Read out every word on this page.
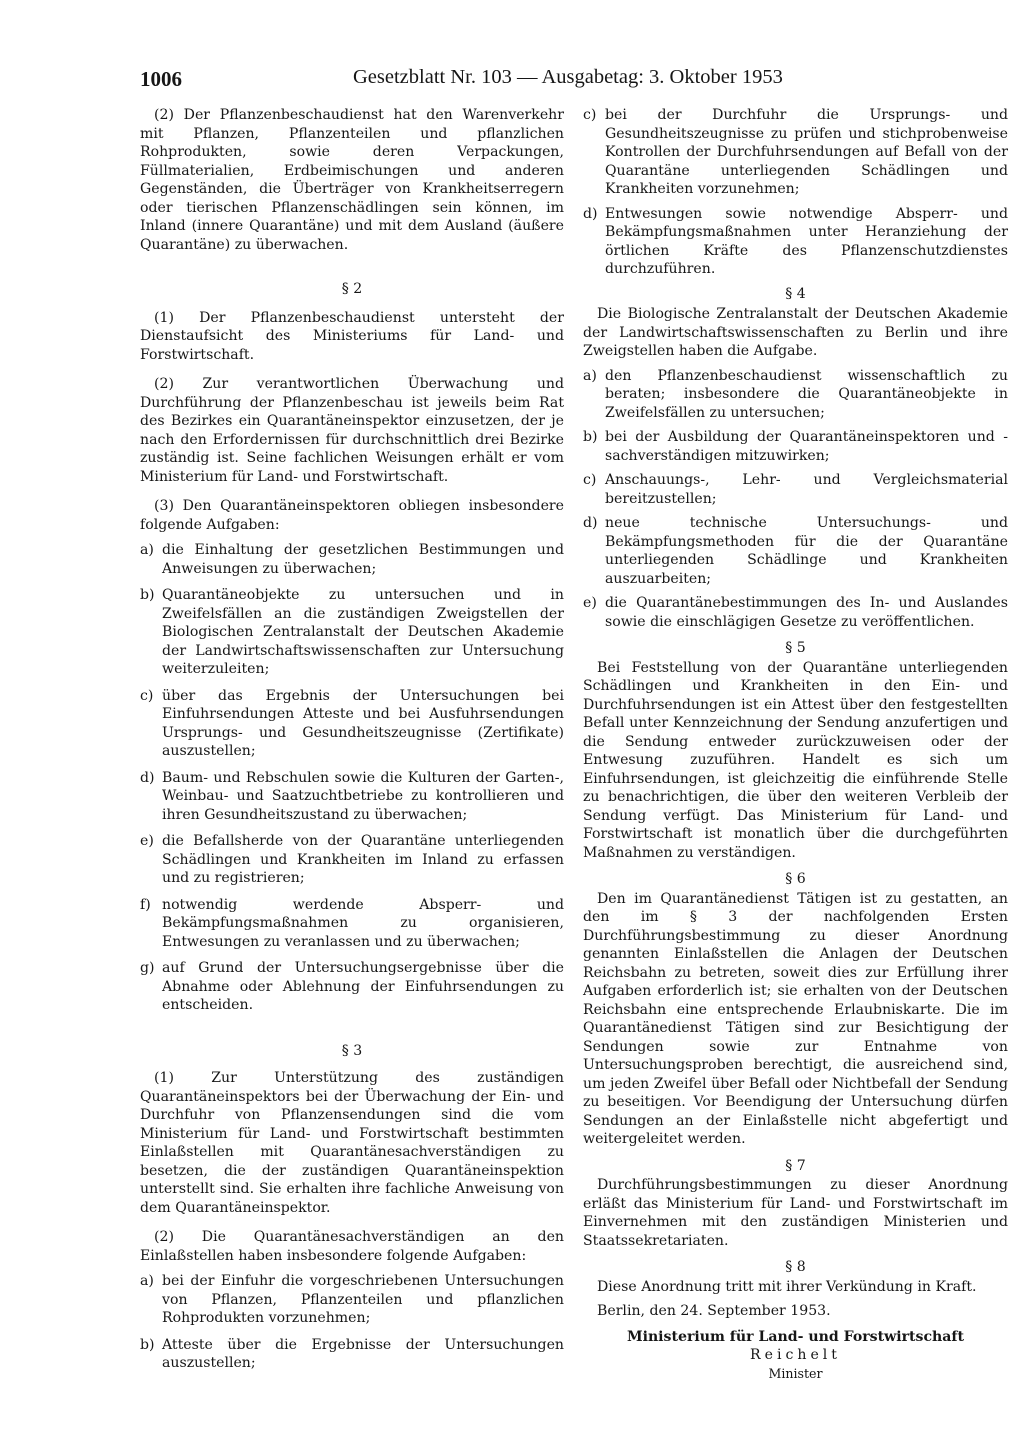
1006	Gesetzblatt Nr. 103 — Ausgabetag: 3. Oktober 1953

(2) Der Pflanzenbeschaudienst hat den Warenverkehr mit Pflanzen, Pflanzenteilen und pflanzlichen Rohprodukten, sowie deren Verpackungen, Füllmaterialien, Erdbeimischungen und anderen Gegenständen, die Überträger von Krankheitserregern oder tierischen Pflanzenschädlingen sein können, im Inland (innere Quarantäne) und mit dem Ausland (äußere Quarantäne) zu überwachen.

§ 2

(1) Der Pflanzenbeschaudienst untersteht der Dienstaufsicht des Ministeriums für Land- und Forstwirtschaft.

(2) Zur verantwortlichen Überwachung und Durchführung der Pflanzenbeschau ist jeweils beim Rat des Bezirkes ein Quarantäneinspektor einzusetzen, der je nach den Erfordernissen für durchschnittlich drei Bezirke zuständig ist. Seine fachlichen Weisungen erhält er vom Ministerium für Land- und Forstwirtschaft.

(3) Den Quarantäneinspektoren obliegen insbesondere folgende Aufgaben:

a) die Einhaltung der gesetzlichen Bestimmungen und Anweisungen zu überwachen;
b) Quarantäneobjekte zu untersuchen und in Zweifelsfällen an die zuständigen Zweigstellen der Biologischen Zentralanstalt der Deutschen Akademie der Landwirtschaftswissenschaften zur Untersuchung weiterzuleiten;
c) über das Ergebnis der Untersuchungen bei Einfuhrsendungen Atteste und bei Ausfuhrsendungen Ursprungs- und Gesundheitszeugnisse (Zertifikate) auszustellen;
d) Baum- und Rebschulen sowie die Kulturen der Garten-, Weinbau- und Saatzuchtbetriebe zu kontrollieren und ihren Gesundheitszustand zu überwachen;
e) die Befallsherde von der Quarantäne unterliegenden Schädlingen und Krankheiten im Inland zu erfassen und zu registrieren;
f) notwendig werdende Absperr- und Bekämpfungsmaßnahmen zu organisieren, Entwesungen zu veranlassen und zu überwachen;
g) auf Grund der Untersuchungsergebnisse über die Abnahme oder Ablehnung der Einfuhrsendungen zu entscheiden.

§ 3

(1) Zur Unterstützung des zuständigen Quarantäneinspektors bei der Überwachung der Ein- und Durchfuhr von Pflanzensendungen sind die vom Ministerium für Land- und Forstwirtschaft bestimmten Einlaßstellen mit Quarantänesachverständigen zu besetzen, die der zuständigen Quarantäneinspektion unterstellt sind. Sie erhalten ihre fachliche Anweisung von dem Quarantäneinspektor.

(2) Die Quarantänesachverständigen an den Einlaßstellen haben insbesondere folgende Aufgaben:

a) bei der Einfuhr die vorgeschriebenen Untersuchungen von Pflanzen, Pflanzenteilen und pflanzlichen Rohprodukten vorzunehmen;
b) Atteste über die Ergebnisse der Untersuchungen auszustellen;
c) bei der Durchfuhr die Ursprungs- und Gesundheitszeugnisse zu prüfen und stichprobenweise Kontrollen der Durchfuhrsendungen auf Befall von der Quarantäne unterliegenden Schädlingen und Krankheiten vorzunehmen;
d) Entwesungen sowie notwendige Absperr- und Bekämpfungsmaßnahmen unter Heranziehung der örtlichen Kräfte des Pflanzenschutzdienstes durchzuführen.

§ 4

Die Biologische Zentralanstalt der Deutschen Akademie der Landwirtschaftswissenschaften zu Berlin und ihre Zweigstellen haben die Aufgabe.

a) den Pflanzenbeschaudienst wissenschaftlich zu beraten; insbesondere die Quarantäneobjekte in Zweifelsfällen zu untersuchen;
b) bei der Ausbildung der Quarantäneinspektoren und -sachverständigen mitzuwirken;
c) Anschauungs-, Lehr- und Vergleichsmaterial bereitzustellen;
d) neue technische Untersuchungs- und Bekämpfungsmethoden für die der Quarantäne unterliegenden Schädlinge und Krankheiten auszuarbeiten;
e) die Quarantänebestimmungen des In- und Auslandes sowie die einschlägigen Gesetze zu veröffentlichen.

§ 5

Bei Feststellung von der Quarantäne unterliegenden Schädlingen und Krankheiten in den Ein- und Durchfuhrsendungen ist ein Attest über den festgestellten Befall unter Kennzeichnung der Sendung anzufertigen und die Sendung entweder zurückzuweisen oder der Entwesung zuzuführen. Handelt es sich um Einfuhrsendungen, ist gleichzeitig die einführende Stelle zu benachrichtigen, die über den weiteren Verbleib der Sendung verfügt. Das Ministerium für Land- und Forstwirtschaft ist monatlich über die durchgeführten Maßnahmen zu verständigen.

§ 6

Den im Quarantänedienst Tätigen ist zu gestatten, an den im § 3 der nachfolgenden Ersten Durchführungsbestimmung zu dieser Anordnung genannten Einlaßstellen die Anlagen der Deutschen Reichsbahn zu betreten, soweit dies zur Erfüllung ihrer Aufgaben erforderlich ist; sie erhalten von der Deutschen Reichsbahn eine entsprechende Erlaubniskarte. Die im Quarantänedienst Tätigen sind zur Besichtigung der Sendungen sowie zur Entnahme von Untersuchungsproben berechtigt, die ausreichend sind, um jeden Zweifel über Befall oder Nichtbefall der Sendung zu beseitigen. Vor Beendigung der Untersuchung dürfen Sendungen an der Einlaßstelle nicht abgefertigt und weitergeleitet werden.

§ 7

Durchführungsbestimmungen zu dieser Anordnung erläßt das Ministerium für Land- und Forstwirtschaft im Einvernehmen mit den zuständigen Ministerien und Staatssekretariaten.

§ 8

Diese Anordnung tritt mit ihrer Verkündung in Kraft.

Berlin, den 24. September 1953.

Ministerium für Land- und Forstwirtschaft

Reichelt

Minister
